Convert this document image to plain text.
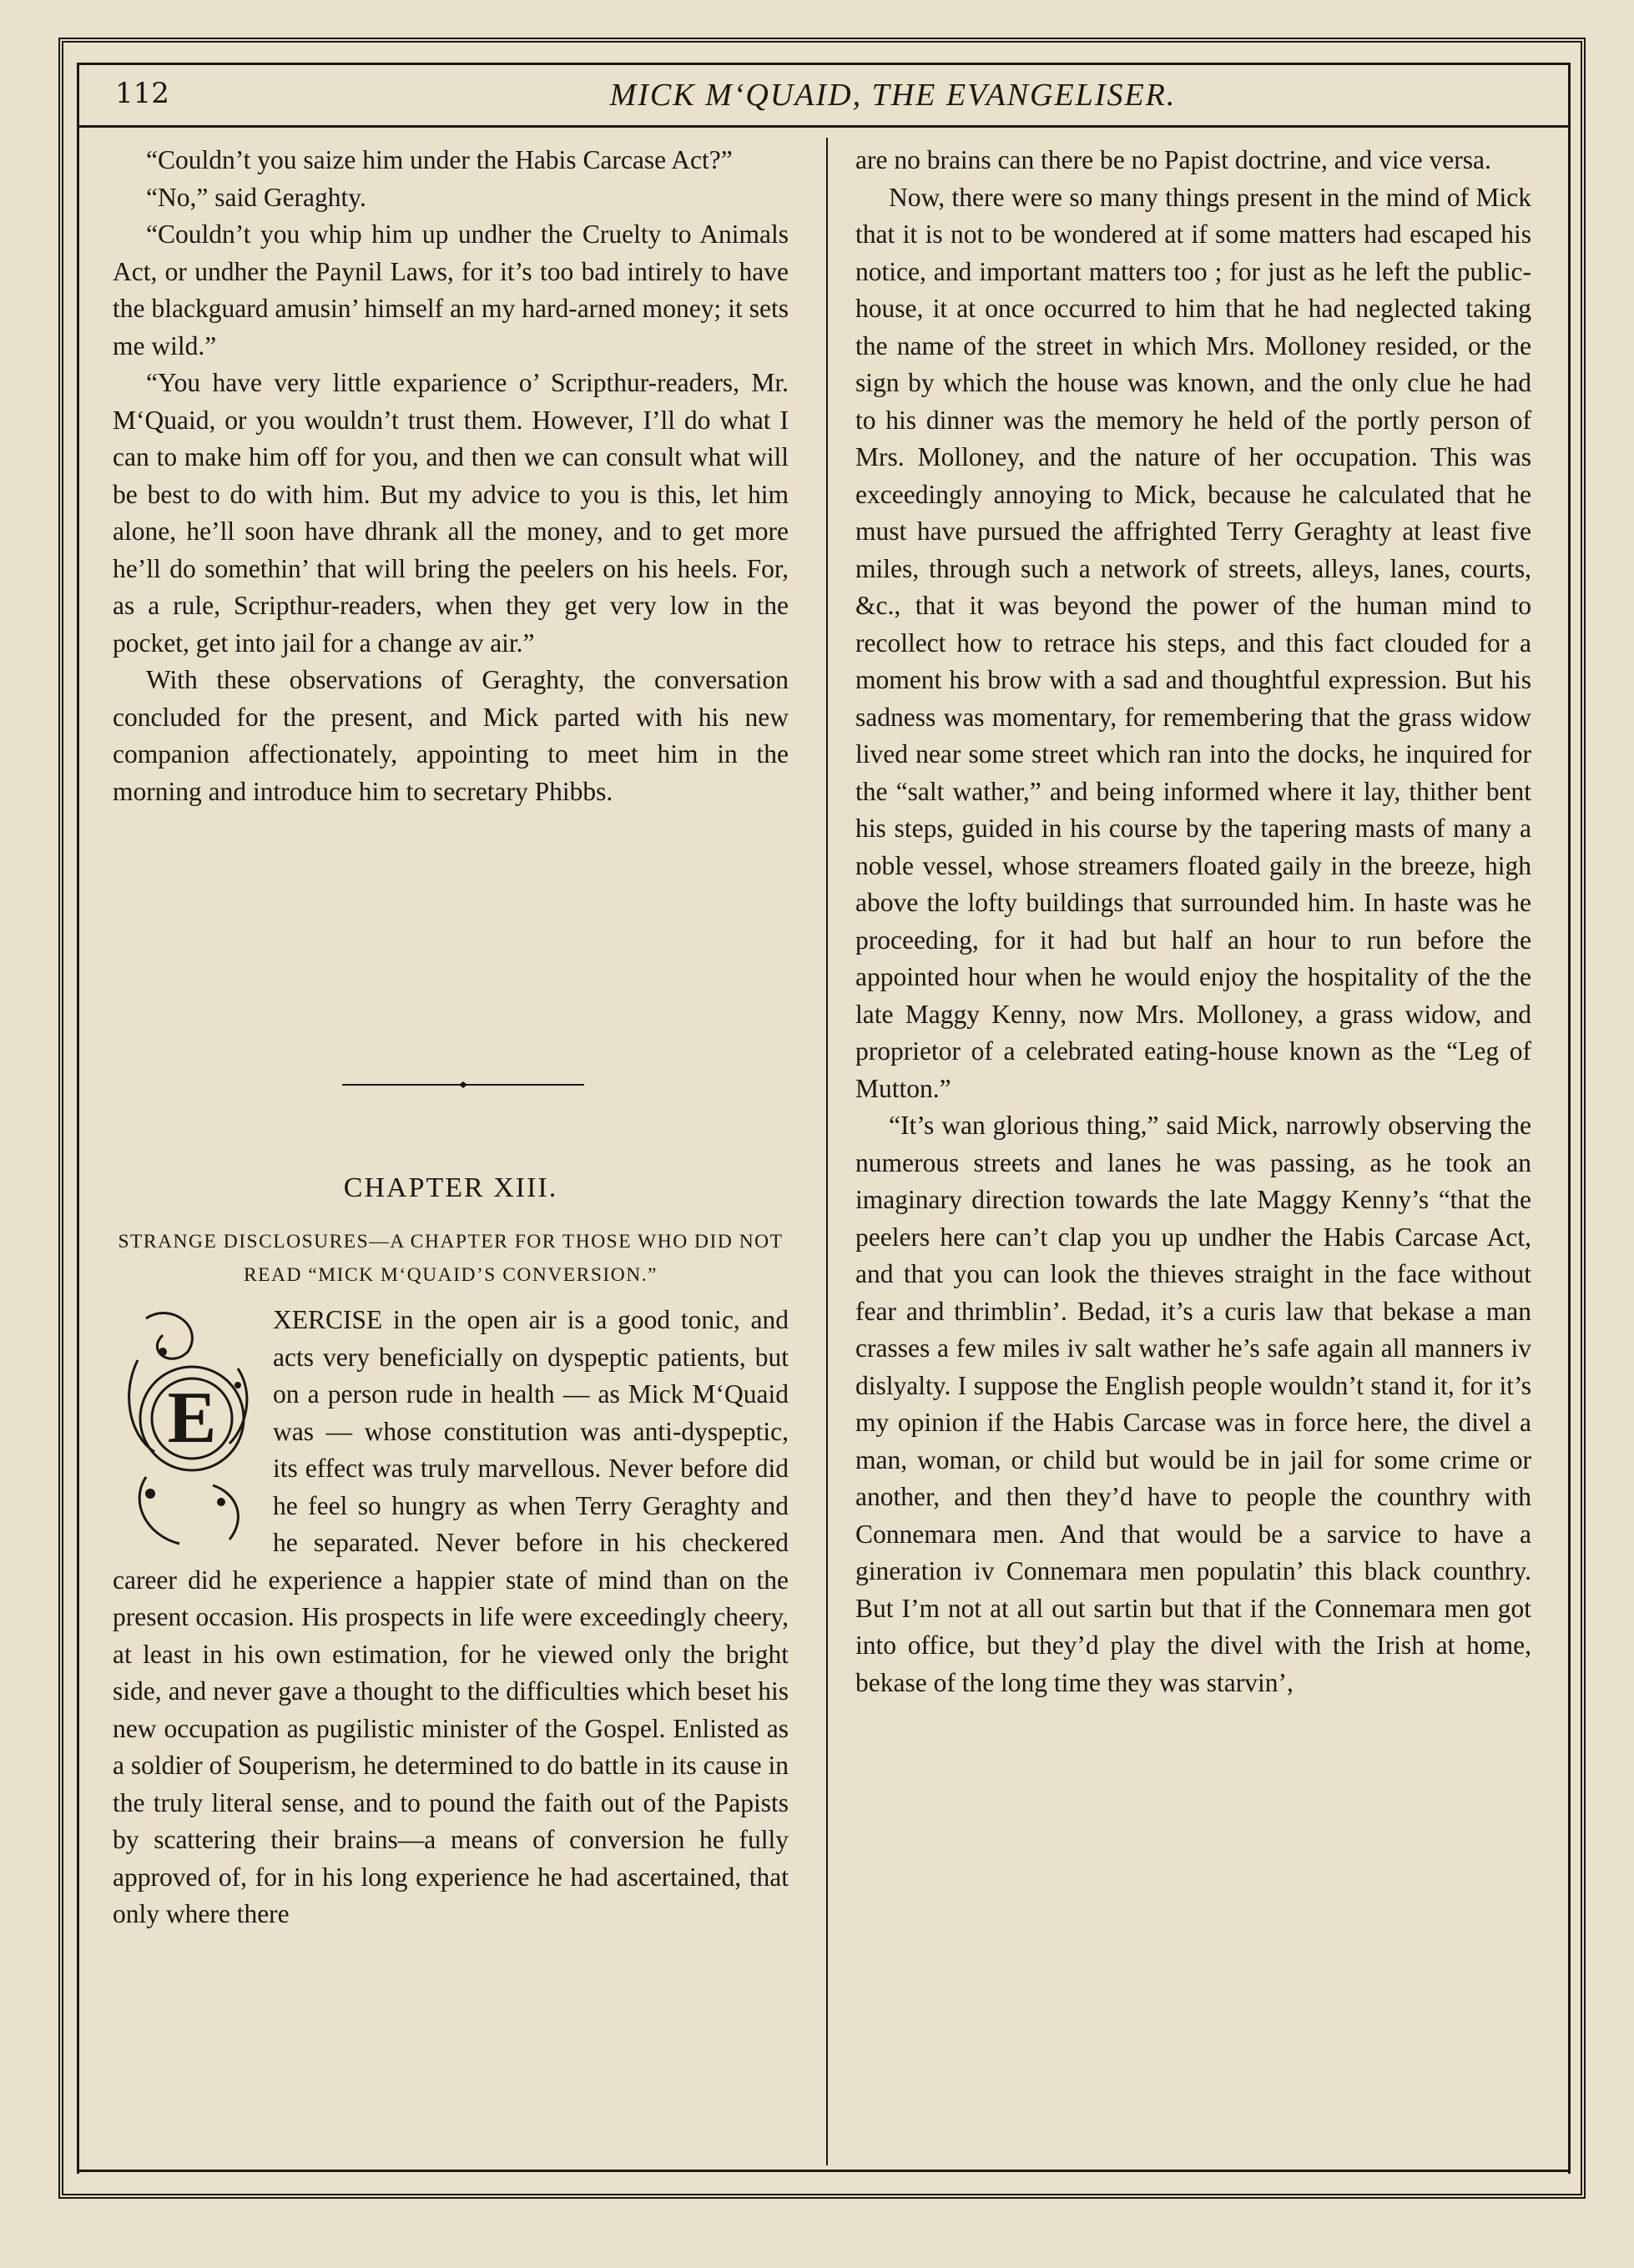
112	MICK M‘QUAID, THE EVANGELISER.

“Couldn’t you saize him under the Habis Carcase Act?”

“No,” said Geraghty.

“Couldn’t you whip him up undher the Cruelty to Animals Act, or undher the Paynil Laws, for it’s too bad intirely to have the blackguard amusin’ himself an my hard-arned money; it sets me wild.”

“You have very little exparience o’ Scripthur-readers, Mr. M‘Quaid, or you wouldn’t trust them. However, I’ll do what I can to make him off for you, and then we can consult what will be best to do with him. But my advice to you is this, let him alone, he’ll soon have dhrank all the money, and to get more he’ll do somethin’ that will bring the peelers on his heels. For, as a rule, Scripthur-readers, when they get very low in the pocket, get into jail for a change av air.”

With these observations of Geraghty, the conversation concluded for the present, and Mick parted with his new companion affectionately, appointing to meet him in the morning and introduce him to secretary Phibbs.

CHAPTER XIII.
STRANGE DISCLOSURES—A CHAPTER FOR THOSE WHO DID NOT READ “MICK M‘QUAID’S CONVERSION.”
E

XERCISE in the open air is a good tonic, and acts very beneficially on dyspeptic patients, but on a person rude in health — as Mick M‘Quaid was — whose constitution was anti-dyspeptic, its effect was truly marvellous. Never before did he feel so hungry as when Terry Geraghty and he separated. Never before in his checkered career did he experience a happier state of mind than on the present occasion. His prospects in life were exceedingly cheery, at least in his own estimation, for he viewed only the bright side, and never gave a thought to the difficulties which beset his new occupation as pugilistic minister of the Gospel. Enlisted as a soldier of Souperism, he determined to do battle in its cause in the truly literal sense, and to pound the faith out of the Papists by scattering their brains—a means of conversion he fully approved of, for in his long experience he had ascertained, that only where there

are no brains can there be no Papist doctrine, and vice versa.

Now, there were so many things present in the mind of Mick that it is not to be wondered at if some matters had escaped his notice, and important matters too ; for just as he left the public-house, it at once occurred to him that he had neglected taking the name of the street in which Mrs. Molloney resided, or the sign by which the house was known, and the only clue he had to his dinner was the memory he held of the portly person of Mrs. Molloney, and the nature of her occupation. This was exceedingly annoying to Mick, because he calculated that he must have pursued the affrighted Terry Geraghty at least five miles, through such a network of streets, alleys, lanes, courts, &c., that it was beyond the power of the human mind to recollect how to retrace his steps, and this fact clouded for a moment his brow with a sad and thoughtful expression. But his sadness was momentary, for remembering that the grass widow lived near some street which ran into the docks, he inquired for the “salt wather,” and being informed where it lay, thither bent his steps, guided in his course by the tapering masts of many a noble vessel, whose streamers floated gaily in the breeze, high above the lofty buildings that surrounded him. In haste was he proceeding, for it had but half an hour to run before the appointed hour when he would enjoy the hospitality of the the late Maggy Kenny, now Mrs. Molloney, a grass widow, and proprietor of a celebrated eating-house known as the “Leg of Mutton.”

“It’s wan glorious thing,” said Mick, narrowly observing the numerous streets and lanes he was passing, as he took an imaginary direction towards the late Maggy Kenny’s “that the peelers here can’t clap you up undher the Habis Carcase Act, and that you can look the thieves straight in the face without fear and thrimblin’. Bedad, it’s a curis law that bekase a man crasses a few miles iv salt wather he’s safe again all manners iv dislyalty. I suppose the English people wouldn’t stand it, for it’s my opinion if the Habis Carcase was in force here, the divel a man, woman, or child but would be in jail for some crime or another, and then they’d have to people the counthry with Connemara men. And that would be a sarvice to have a gineration iv Connemara men populatin’ this black counthry. But I’m not at all out sartin but that if the Connemara men got into office, but they’d play the divel with the Irish at home, bekase of the long time they was starvin’,
